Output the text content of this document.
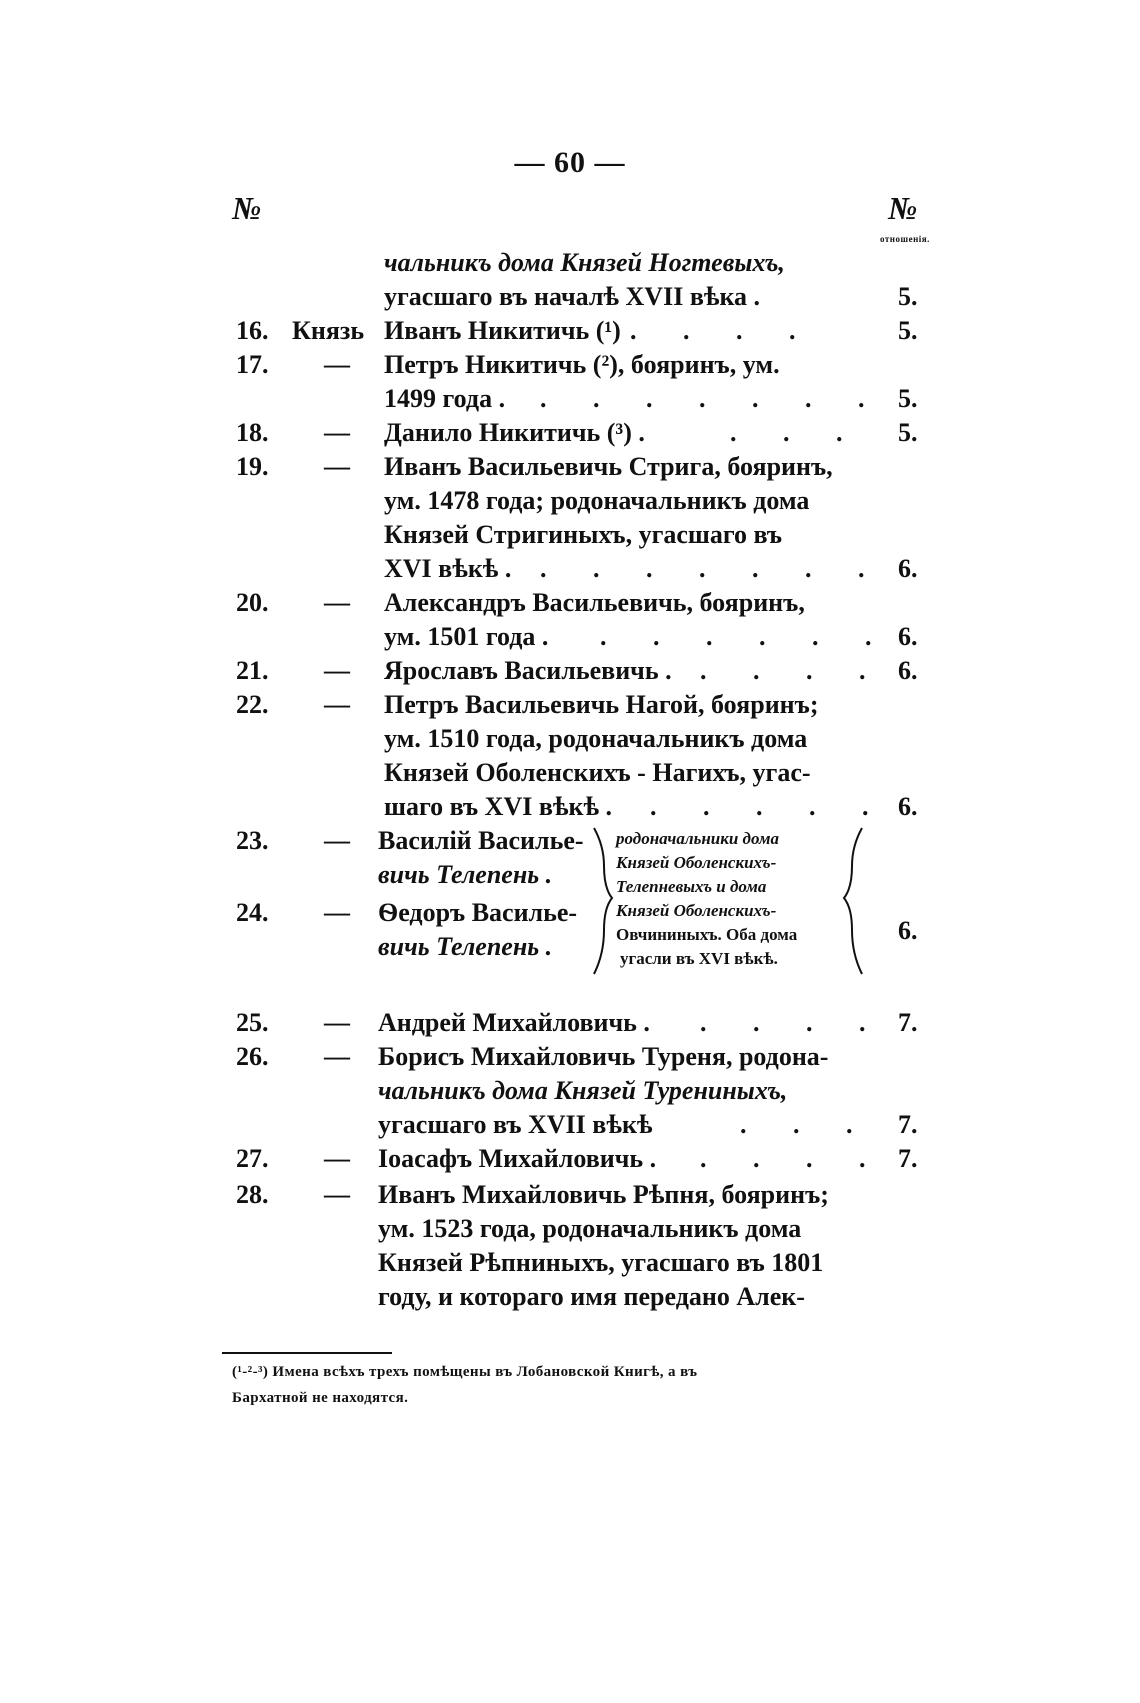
— 60 —
№	№
отношенія.
чальникъ дома Князей Ногтевыхъ,
угасшаго въ началѣ XVII вѣка .	5.
16. Князь Иванъ Никитичь (¹) . . . .	5.
17. — Петръ Никитичь (²), бояринъ, ум.
1499 года . . . . . . . . 5.
18. — Данило Никитичь (³) .	. . . 5.
19. — Иванъ Васильевичь Стрига, бояринъ,
ум. 1478 года; родоначальникъ дома
Князей Стригиныхъ, угасшаго въ
XVI вѣкѣ . . . . . . . . 6.
20. — Александръ Васильевичь, бояринъ,
ум. 1501 года . . . . . . . 6.
21. — Ярославъ Васильевичь . . . . . 6.
22. — Петръ Васильевичь Нагой, бояринъ;
ум. 1510 года, родоначальникъ дома
Князей Оболенскихъ - Нагихъ, угас-
шаго въ XVI вѣкѣ . . . . . . 6.
23. — Василій Василье-
вичь Телепень .
24. — Ѳедоръ Василье-
вичь Телепень .
родоначальники дома
Князей Оболенскихъ-
Телепневыхъ и дома
Князей Оболенскихъ-
Овчининыхъ. Оба дома
угасли въ XVI вѣкѣ.
6.
25. — Андрей Михайловичь . . . . . 7.
26. — Борисъ Михайловичь Туреня, родона-
чальникъ дома Князей Турениныхъ,
угасшаго въ XVII вѣкѣ	. . . 7.
27. — Іоасафъ Михайловичь . . . . . 7.
28. — Иванъ Михайловичь Рѣпня, бояринъ;
ум. 1523 года, родоначальникъ дома
Князей Рѣпниныхъ, угасшаго въ 1801
году, и котораго имя передано Алек-
(¹-²-³) Имена всѣхъ трехъ помѣщены въ Лобановской Книгѣ, а въ
Бархатной не находятся.
